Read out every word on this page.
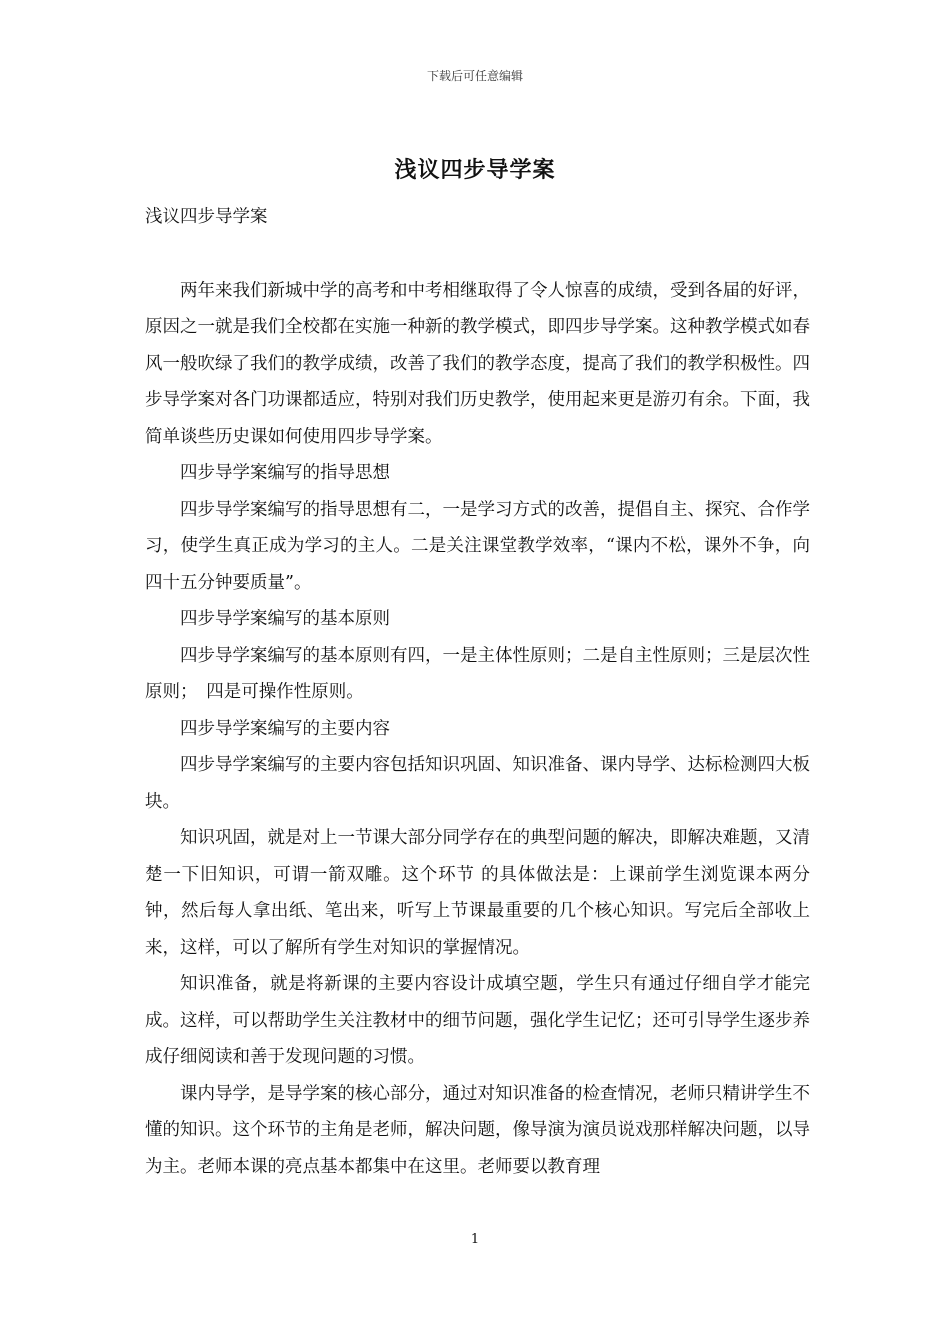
下载后可任意编辑
浅议四步导学案

浅议四步导学案

两年来我们新城中学的高考和中考相继取得了令人惊喜的成绩，受到各届的好评，原因之一就是我们全校都在实施一种新的教学模式，即四步导学案。这种教学模式如春风一般吹绿了我们的教学成绩，改善了我们的教学态度，提高了我们的教学积极性。四步导学案对各门功课都适应，特别对我们历史教学，使用起来更是游刃有余。下面，我简单谈些历史课如何使用四步导学案。

四步导学案编写的指导思想

四步导学案编写的指导思想有二，一是学习方式的改善，提倡自主、探究、合作学习，使学生真正成为学习的主人。二是关注课堂教学效率，“课内不松，课外不争，向四十五分钟要质量”。

四步导学案编写的基本原则

四步导学案编写的基本原则有四，一是主体性原则；二是自主性原则；三是层次性原则；　四是可操作性原则。

四步导学案编写的主要内容

四步导学案编写的主要内容包括知识巩固、知识准备、课内导学、达标检测四大板块。

知识巩固，就是对上一节课大部分同学存在的典型问题的解决，即解决难题，又清楚一下旧知识，可谓一箭双雕。这个环节 的具体做法是：上课前学生浏览课本两分钟，然后每人拿出纸、笔出来，听写上节课最重要的几个核心知识。写完后全部收上来，这样，可以了解所有学生对知识的掌握情况。

知识准备，就是将新课的主要内容设计成填空题，学生只有通过仔细自学才能完成。这样，可以帮助学生关注教材中的细节问题，强化学生记忆；还可引导学生逐步养成仔细阅读和善于发现问题的习惯。

课内导学，是导学案的核心部分，通过对知识准备的检查情况，老师只精讲学生不懂的知识。这个环节的主角是老师，解决问题，像导演为演员说戏那样解决问题，以导为主。老师本课的亮点基本都集中在这里。老师要以教育理

1
